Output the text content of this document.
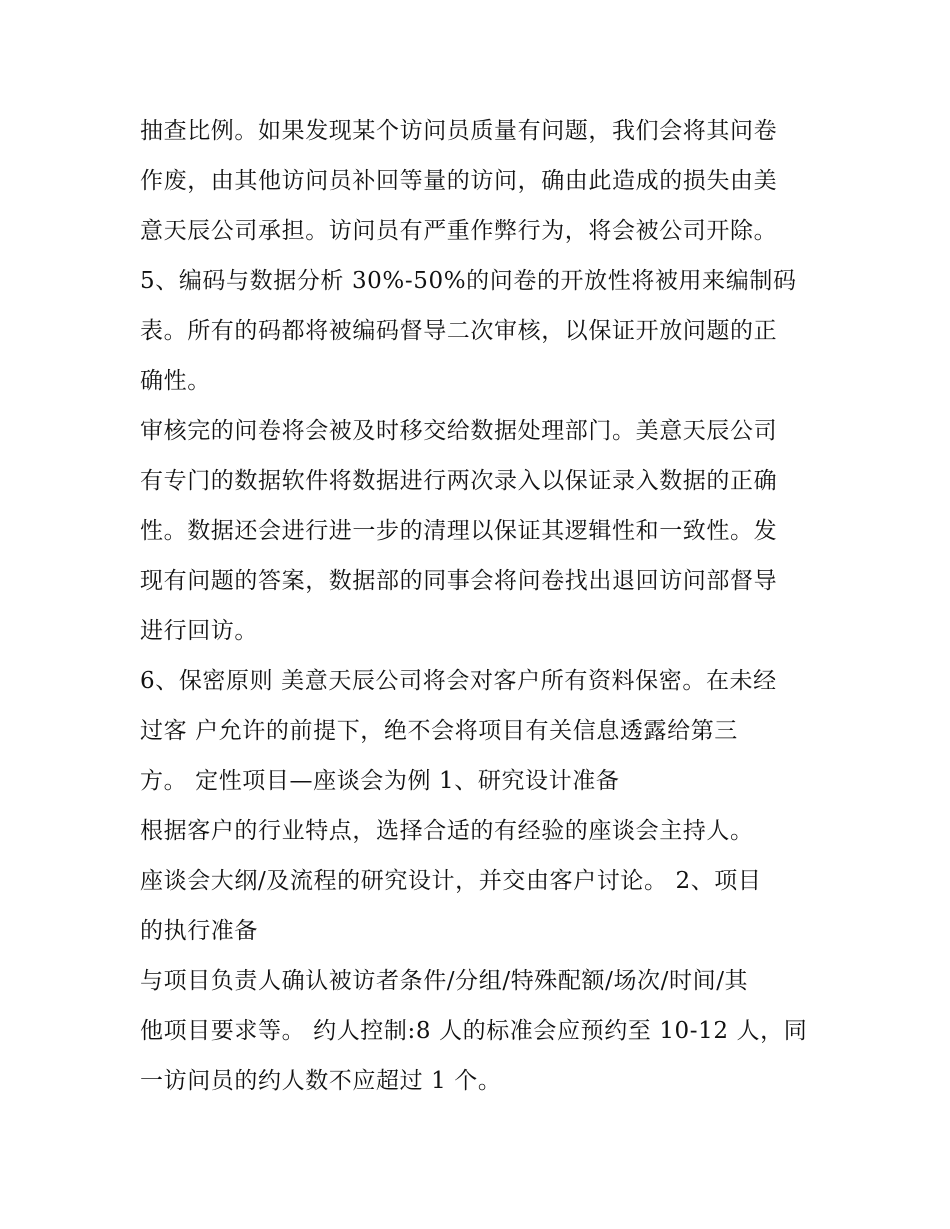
抽查比例。如果发现某个访问员质量有问题，我们会将其问卷
作废，由其他访问员补回等量的访问，确由此造成的损失由美
意天辰公司承担。访问员有严重作弊行为，将会被公司开除。
5、编码与数据分析 30%-50%的问卷的开放性将被用来编制码
表。所有的码都将被编码督导二次审核，以保证开放问题的正
确性。
审核完的问卷将会被及时移交给数据处理部门。美意天辰公司
有专门的数据软件将数据进行两次录入以保证录入数据的正确
性。数据还会进行进一步的清理以保证其逻辑性和一致性。发
现有问题的答案，数据部的同事会将问卷找出退回访问部督导
进行回访。
6、保密原则 美意天辰公司将会对客户所有资料保密。在未经
过客 户允许的前提下，绝不会将项目有关信息透露给第三
方。 定性项目—座谈会为例 1、研究设计准备
根据客户的行业特点，选择合适的有经验的座谈会主持人。
座谈会大纲/及流程的研究设计，并交由客户讨论。 2、项目
的执行准备
与项目负责人确认被访者条件/分组/特殊配额/场次/时间/其
他项目要求等。 约人控制:8 人的标准会应预约至 10-12 人，同
一访问员的约人数不应超过 1 个。
